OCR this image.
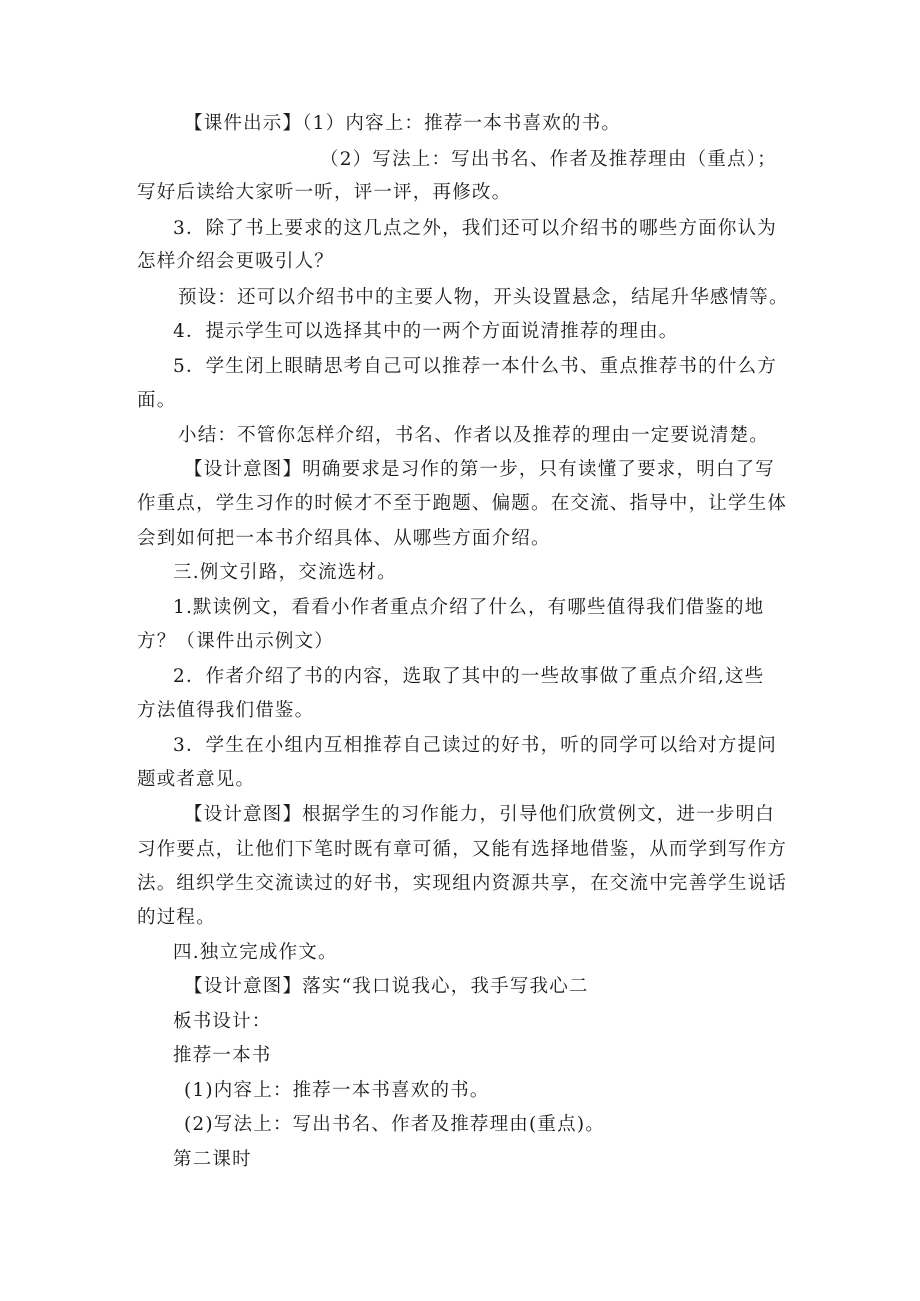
【课件出示】（1）内容上：推荐一本书喜欢的书。
（2）写法上：写出书名、作者及推荐理由（重点）；
写好后读给大家听一听，评一评，再修改。
3．除了书上要求的这几点之外，我们还可以介绍书的哪些方面你认为
怎样介绍会更吸引人？
预设：还可以介绍书中的主要人物，开头设置悬念，结尾升华感情等。
4．提示学生可以选择其中的一两个方面说清推荐的理由。
5．学生闭上眼睛思考自己可以推荐一本什么书、重点推荐书的什么方
面。
小结：不管你怎样介绍，书名、作者以及推荐的理由一定要说清楚。
【设计意图】明确要求是习作的第一步，只有读懂了要求，明白了写
作重点，学生习作的时候才不至于跑题、偏题。在交流、指导中，让学生体
会到如何把一本书介绍具体、从哪些方面介绍。
三.例文引路，交流选材。
1.默读例文，看看小作者重点介绍了什么，有哪些值得我们借鉴的地
方？（课件出示例文）
2．作者介绍了书的内容，选取了其中的一些故事做了重点介绍,这些
方法值得我们借鉴。
3．学生在小组内互相推荐自己读过的好书，听的同学可以给对方提问
题或者意见。
【设计意图】根据学生的习作能力，引导他们欣赏例文，进一步明白
习作要点，让他们下笔时既有章可循，又能有选择地借鉴，从而学到写作方
法。组织学生交流读过的好书，实现组内资源共享，在交流中完善学生说话
的过程。
四.独立完成作文。
【设计意图】落实“我口说我心，我手写我心二
板书设计：
推荐一本书
(1)内容上：推荐一本书喜欢的书。
(2)写法上：写出书名、作者及推荐理由(重点)。
第二课时
